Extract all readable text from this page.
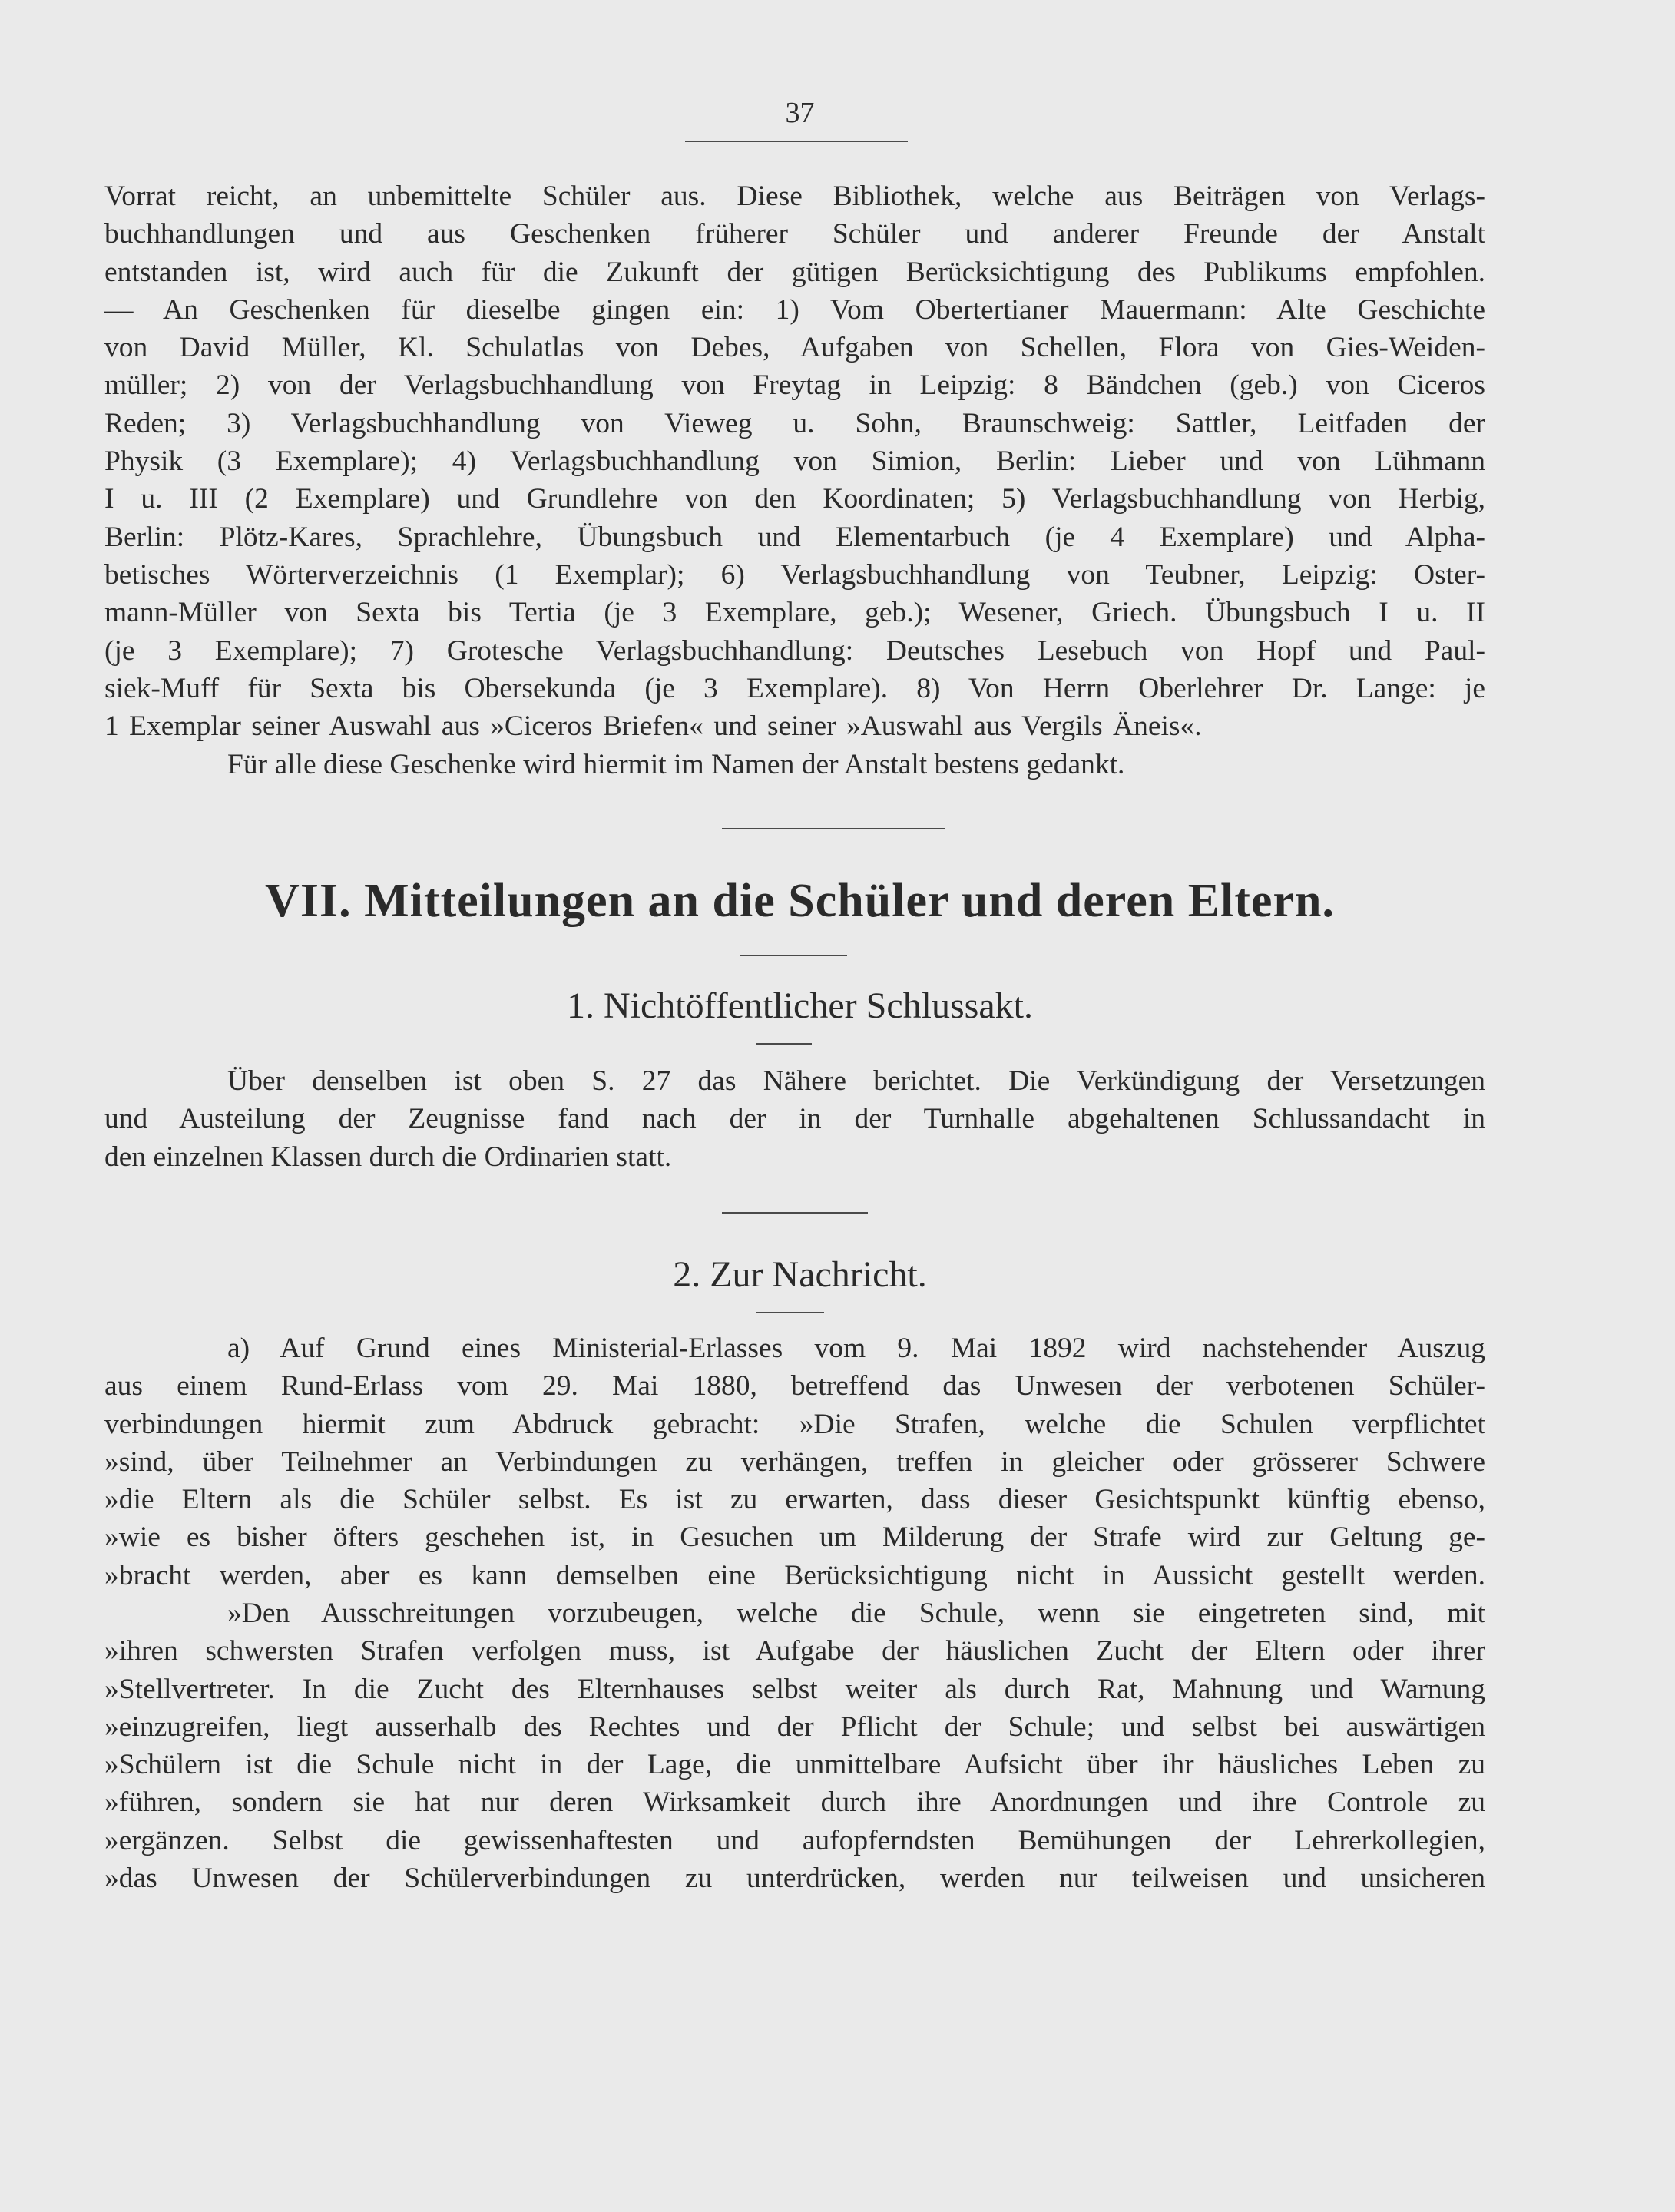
37
Vorrat reicht, an unbemittelte Schüler aus. Diese Bibliothek, welche aus Beiträgen von Verlags-
buchhandlungen und aus Geschenken früherer Schüler und anderer Freunde der Anstalt
entstanden ist, wird auch für die Zukunft der gütigen Berücksichtigung des Publikums empfohlen.
— An Geschenken für dieselbe gingen ein: 1) Vom Obertertianer Mauermann: Alte Geschichte
von David Müller, Kl. Schulatlas von Debes, Aufgaben von Schellen, Flora von Gies-Weiden-
müller; 2) von der Verlagsbuchhandlung von Freytag in Leipzig: 8 Bändchen (geb.) von Ciceros
Reden; 3) Verlagsbuchhandlung von Vieweg u. Sohn, Braunschweig: Sattler, Leitfaden der
Physik (3 Exemplare); 4) Verlagsbuchhandlung von Simion, Berlin: Lieber und von Lühmann
I u. III (2 Exemplare) und Grundlehre von den Koordinaten; 5) Verlagsbuchhandlung von Herbig,
Berlin: Plötz-Kares, Sprachlehre, Übungsbuch und Elementarbuch (je 4 Exemplare) und Alpha-
betisches Wörterverzeichnis (1 Exemplar); 6) Verlagsbuchhandlung von Teubner, Leipzig: Oster-
mann-Müller von Sexta bis Tertia (je 3 Exemplare, geb.); Wesener, Griech. Übungsbuch I u. II
(je 3 Exemplare); 7) Grotesche Verlagsbuchhandlung: Deutsches Lesebuch von Hopf und Paul-
siek-Muff für Sexta bis Obersekunda (je 3 Exemplare). 8) Von Herrn Oberlehrer Dr. Lange: je
1 Exemplar seiner Auswahl aus »Ciceros Briefen« und seiner »Auswahl aus Vergils Äneis«.
Für alle diese Geschenke wird hiermit im Namen der Anstalt bestens gedankt.
VII. Mitteilungen an die Schüler und deren Eltern.
1. Nichtöffentlicher Schlussakt.
Über denselben ist oben S. 27 das Nähere berichtet. Die Verkündigung der Versetzungen
und Austeilung der Zeugnisse fand nach der in der Turnhalle abgehaltenen Schlussandacht in
den einzelnen Klassen durch die Ordinarien statt.
2. Zur Nachricht.
a) Auf Grund eines Ministerial-Erlasses vom 9. Mai 1892 wird nachstehender Auszug
aus einem Rund-Erlass vom 29. Mai 1880, betreffend das Unwesen der verbotenen Schüler-
verbindungen hiermit zum Abdruck gebracht: »Die Strafen, welche die Schulen verpflichtet
»sind, über Teilnehmer an Verbindungen zu verhängen, treffen in gleicher oder grösserer Schwere
»die Eltern als die Schüler selbst. Es ist zu erwarten, dass dieser Gesichtspunkt künftig ebenso,
»wie es bisher öfters geschehen ist, in Gesuchen um Milderung der Strafe wird zur Geltung ge-
»bracht werden, aber es kann demselben eine Berücksichtigung nicht in Aussicht gestellt werden.
»Den Ausschreitungen vorzubeugen, welche die Schule, wenn sie eingetreten sind, mit
»ihren schwersten Strafen verfolgen muss, ist Aufgabe der häuslichen Zucht der Eltern oder ihrer
»Stellvertreter. In die Zucht des Elternhauses selbst weiter als durch Rat, Mahnung und Warnung
»einzugreifen, liegt ausserhalb des Rechtes und der Pflicht der Schule; und selbst bei auswärtigen
»Schülern ist die Schule nicht in der Lage, die unmittelbare Aufsicht über ihr häusliches Leben zu
»führen, sondern sie hat nur deren Wirksamkeit durch ihre Anordnungen und ihre Controle zu
»ergänzen. Selbst die gewissenhaftesten und aufopferndsten Bemühungen der Lehrerkollegien,
»das Unwesen der Schülerverbindungen zu unterdrücken, werden nur teilweisen und unsicheren
